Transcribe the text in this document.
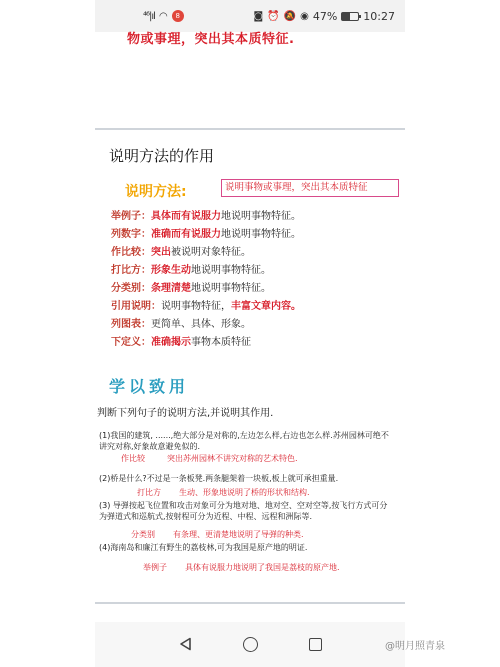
⁴⁶|ıl ◠	8	◙ ⏰ 🔕 ◉ 47% 10:27
物或事理，突出其本质特征.
说明方法的作用
说明方法:	说明事物或事理，突出其本质特征
举例子：具体而有说服力地说明事物特征。
列数字：准确而有说服力地说明事物特征。
作比较：突出被说明对象特征。
打比方：形象生动地说明事物特征。
分类别：条理清楚地说明事物特征。
引用说明：说明事物特征，丰富文章内容。
列图表：更简单、具体、形象。
下定义：准确揭示事物本质特征
学以致用
判断下列句子的说明方法,并说明其作用.
(1)我国的建筑, ......,绝大部分是对称的,左边怎么样,右边也怎么样.苏州园林可绝不讲究对称,好象故意避免似的.
作比较	突出苏州园林不讲究对称的艺术特色.
(2)桥是什么?不过是一条板凳.两条腿架着一块板,板上就可承担重量.
打比方 生动、形象地说明了桥的形状和结构.
(3) 导弹按起飞位置和攻击对象可分为地对地、地对空、空对空等,按飞行方式可分为弹道式和巡航式,按射程可分为近程、中程、远程和洲际等.
分类别 有条理、更清楚地说明了导弹的种类.
(4)海南岛和廉江有野生的荔枝林,可为我国是原产地的明证.
举例子 具体有说服力地说明了我国是荔枝的原产地.
@明月照青泉
